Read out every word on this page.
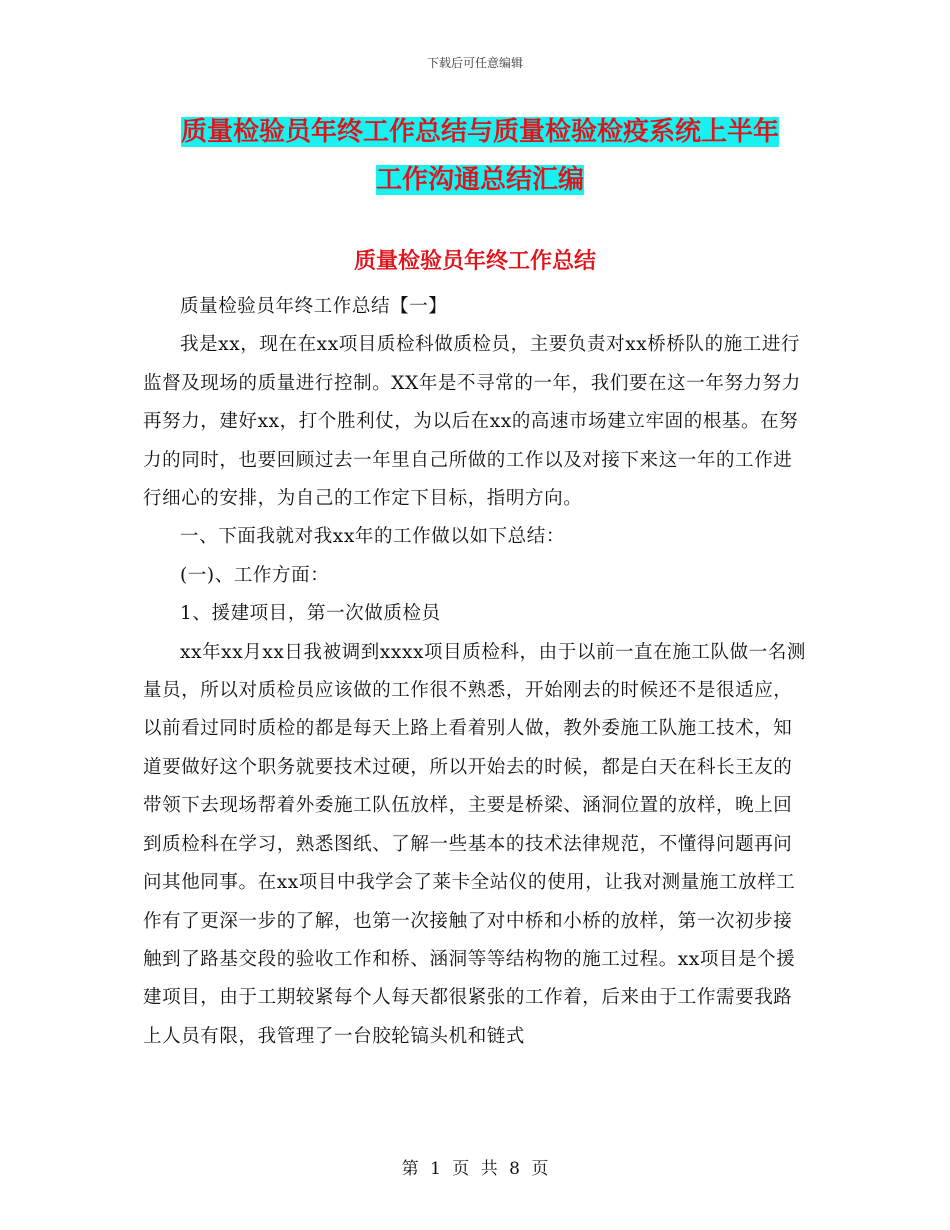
下载后可任意编辑
质量检验员年终工作总结与质量检验检疫系统上半年
工作沟通总结汇编
质量检验员年终工作总结

质量检验员年终工作总结【一】

我是xx，现在在xx项目质检科做质检员，主要负责对xx桥桥队的施工进行监督及现场的质量进行控制。XX年是不寻常的一年，我们要在这一年努力努力再努力，建好xx，打个胜利仗，为以后在xx的高速市场建立牢固的根基。在努力的同时，也要回顾过去一年里自己所做的工作以及对接下来这一年的工作进行细心的安排，为自己的工作定下目标，指明方向。

一、下面我就对我xx年的工作做以如下总结：

(一)、工作方面：

1、援建项目，第一次做质检员

xx年xx月xx日我被调到xxxx项目质检科，由于以前一直在施工队做一名测量员，所以对质检员应该做的工作很不熟悉，开始刚去的时候还不是很适应，以前看过同时质检的都是每天上路上看着别人做，教外委施工队施工技术，知道要做好这个职务就要技术过硬，所以开始去的时候，都是白天在科长王友的带领下去现场帮着外委施工队伍放样，主要是桥梁、涵洞位置的放样，晚上回到质检科在学习，熟悉图纸、了解一些基本的技术法律规范，不懂得问题再问问其他同事。在xx项目中我学会了莱卡全站仪的使用，让我对测量施工放样工作有了更深一步的了解，也第一次接触了对中桥和小桥的放样，第一次初步接触到了路基交段的验收工作和桥、涵洞等等结构物的施工过程。xx项目是个援建项目，由于工期较紧每个人每天都很紧张的工作着，后来由于工作需要我路上人员有限，我管理了一台胶轮镐头机和链式

第 1 页 共 8 页
